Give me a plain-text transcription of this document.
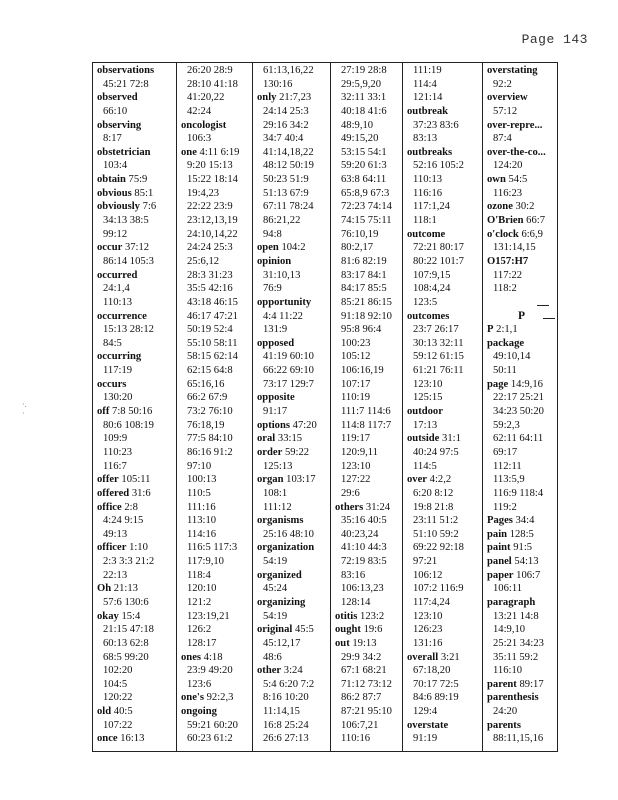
Page 143
·.
·
observations
45:21 72:8
observed
66:10
observing
8:17
obstetrician
103:4
obtain 75:9
obvious 85:1
obviously 7:6
34:13 38:5
99:12
occur 37:12
86:14 105:3
occurred
24:1,4
110:13
occurrence
15:13 28:12
84:5
occurring
117:19
occurs
130:20
off 7:8 50:16
80:6 108:19
109:9
110:23
116:7
offer 105:11
offered 31:6
office 2:8
4:24 9:15
49:13
officer 1:10
2:3 3:3 21:2
22:13
Oh 21:13
57:6 130:6
okay 15:4
21:15 47:18
60:13 62:8
68:5 99:20
102:20
104:5
120:22
old 40:5
107:22
once 16:13
26:20 28:9
28:10 41:18
41:20,22
42:24
oncologist
106:3
one 4:11 6:19
9:20 15:13
15:22 18:14
19:4,23
22:22 23:9
23:12,13,19
24:10,14,22
24:24 25:3
25:6,12
28:3 31:23
35:5 42:16
43:18 46:15
46:17 47:21
50:19 52:4
55:10 58:11
58:15 62:14
62:15 64:8
65:16,16
66:2 67:9
73:2 76:10
76:18,19
77:5 84:10
86:16 91:2
97:10
100:13
110:5
111:16
113:10
114:16
116:5 117:3
117:9,10
118:4
120:10
121:2
123:19,21
126:2
128:17
ones 4:18
23:9 49:20
123:6
one's 92:2,3
ongoing
59:21 60:20
60:23 61:2
61:13,16,22
130:16
only 21:7,23
24:14 25:3
29:16 34:2
34:7 40:4
41:14,18,22
48:12 50:19
50:23 51:9
51:13 67:9
67:11 78:24
86:21,22
94:8
open 104:2
opinion
31:10,13
76:9
opportunity
4:4 11:22
131:9
opposed
41:19 60:10
66:22 69:10
73:17 129:7
opposite
91:17
options 47:20
oral 33:15
order 59:22
125:13
organ 103:17
108:1
111:12
organisms
25:16 48:10
organization
54:19
organized
45:24
organizing
54:19
original 45:5
45:12,17
48:6
other 3:24
5:4 6:20 7:2
8:16 10:20
11:14,15
16:8 25:24
26:6 27:13
27:19 28:8
29:5,9,20
32:11 33:1
40:18 41:6
48:9,10
49:15,20
53:15 54:1
59:20 61:3
63:8 64:11
65:8,9 67:3
72:23 74:14
74:15 75:11
76:10,19
80:2,17
81:6 82:19
83:17 84:1
84:17 85:5
85:21 86:15
91:18 92:10
95:8 96:4
100:23
105:12
106:16,19
107:17
110:19
111:7 114:6
114:8 117:7
119:17
120:9,11
123:10
127:22
29:6
others 31:24
35:16 40:5
40:23,24
41:10 44:3
72:19 83:5
83:16
106:13,23
128:14
otitis 123:2
ought 19:6
out 19:13
29:9 34:2
67:1 68:21
71:12 73:12
86:2 87:7
87:21 95:10
106:7,21
110:16
111:19
114:4
121:14
outbreak
37:23 83:6
83:13
outbreaks
52:16 105:2
110:13
116:16
117:1,24
118:1
outcome
72:21 80:17
80:22 101:7
107:9,15
108:4,24
123:5
outcomes
23:7 26:17
30:13 32:11
59:12 61:15
61:21 76:11
123:10
125:15
outdoor
17:13
outside 31:1
40:24 97:5
114:5
over 4:2,2
6:20 8:12
19:8 21:8
23:11 51:2
51:10 59:2
69:22 92:18
97:21
106:12
107:2 116:9
117:4,24
123:10
126:23
131:16
overall 3:21
67:18,20
70:17 72:5
84:6 89:19
129:4
overstate
91:19
overstating
92:2
overview
57:12
over-repre...
87:4
over-the-co...
124:20
own 54:5
116:23
ozone 30:2
O'Brien 66:7
o'clock 6:6,9
131:14,15
O157:H7
117:22
118:2
P
P 2:1,1
package
49:10,14
50:11
page 14:9,16
22:17 25:21
34:23 50:20
59:2,3
62:11 64:11
69:17
112:11
113:5,9
116:9 118:4
119:2
Pages 34:4
pain 128:5
paint 91:5
panel 54:13
paper 106:7
106:11
paragraph
13:21 14:8
14:9,10
25:21 34:23
35:11 59:2
116:10
parent 89:17
parenthesis
24:20
parents
88:11,15,16
